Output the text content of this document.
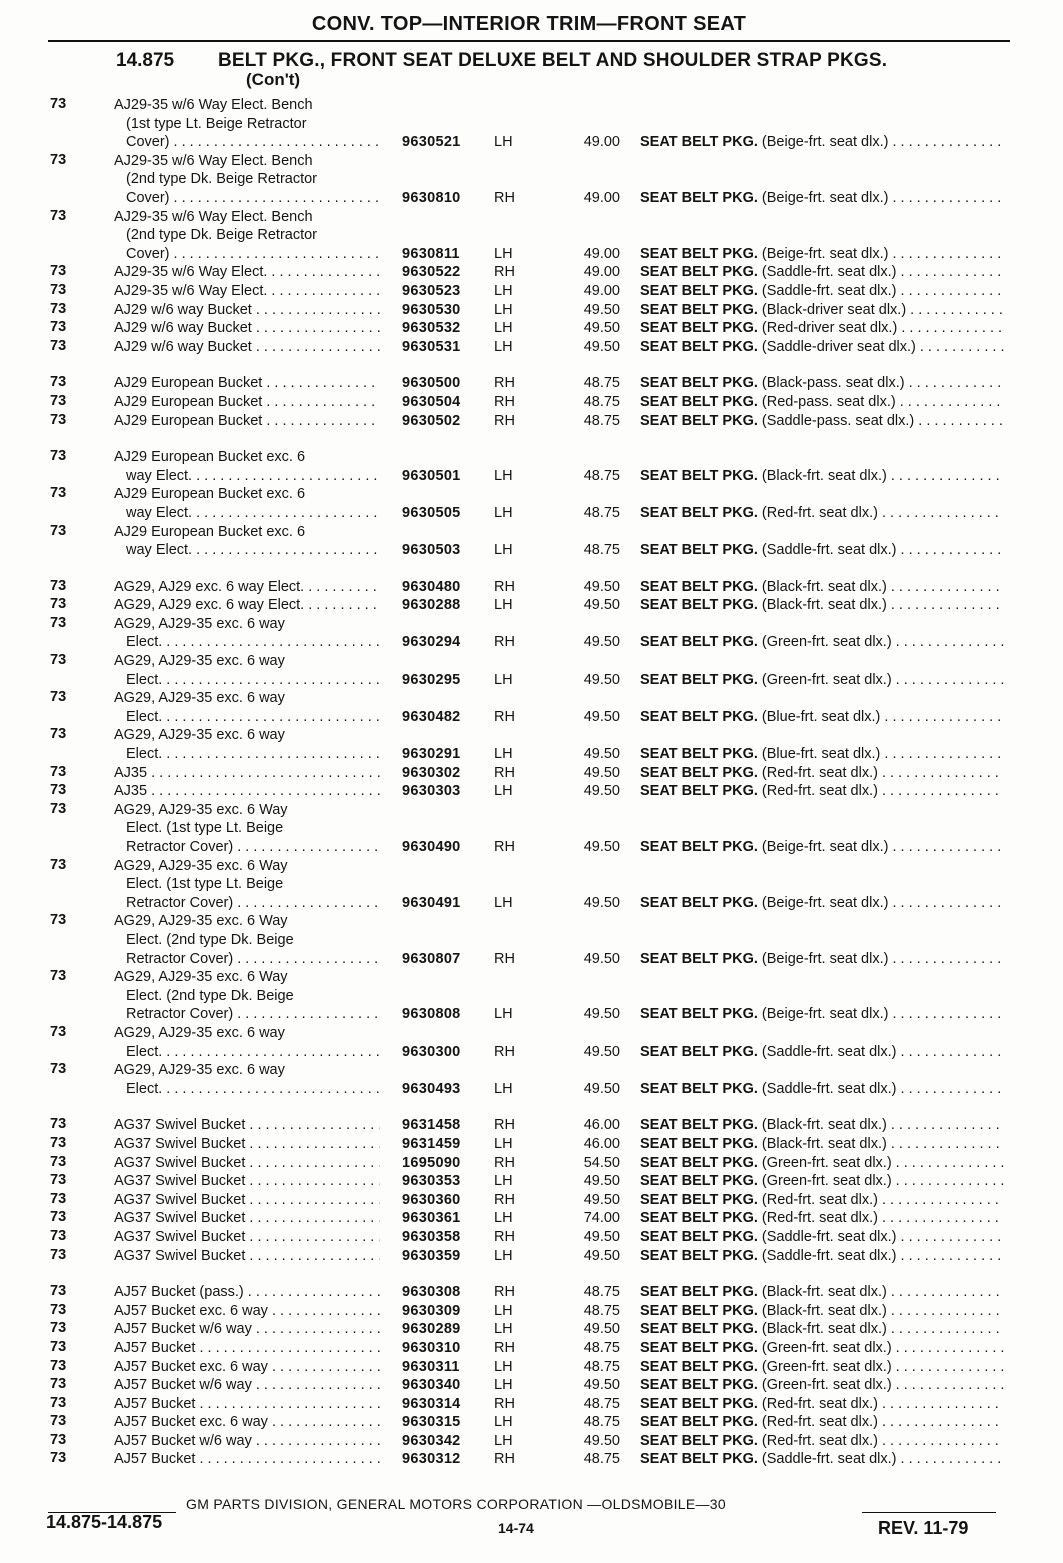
CONV. TOP—INTERIOR TRIM—FRONT SEAT
14.875 BELT PKG., FRONT SEAT DELUXE BELT AND SHOULDER STRAP PKGS.
(Con't)
73	AJ29-35 w/6 Way Elect. Bench
(1st type Lt. Beige Retractor
Cover) . . .	9630521 LH	49.00 SEAT BELT PKG. (Beige-frt. seat dlx.) . . .
73	AJ29-35 w/6 Way Elect. Bench
(2nd type Dk. Beige Retractor
Cover) . . .	9630810 RH	49.00 SEAT BELT PKG. (Beige-frt. seat dlx.) . . .
73	AJ29-35 w/6 Way Elect. Bench
(2nd type Dk. Beige Retractor
Cover) . . .	9630811 LH	49.00 SEAT BELT PKG. (Beige-frt. seat dlx.) . . .
73	AJ29-35 w/6 Way Elect. . . .	9630522 RH	49.00 SEAT BELT PKG. (Saddle-frt. seat dlx.) . . .
73	AJ29-35 w/6 Way Elect. . . .	9630523 LH	49.00 SEAT BELT PKG. (Saddle-frt. seat dlx.) . . .
73	AJ29 w/6 way Bucket . . .	9630530 LH	49.50 SEAT BELT PKG. (Black-driver seat dlx.) . . .
73	AJ29 w/6 way Bucket . . .	9630532 LH	49.50 SEAT BELT PKG. (Red-driver seat dlx.) . . .
73	AJ29 w/6 way Bucket . . .	9630531 LH	49.50 SEAT BELT PKG. (Saddle-driver seat dlx.) . . .
73	AJ29 European Bucket . . .	9630500 RH	48.75 SEAT BELT PKG. (Black-pass. seat dlx.) . . .
73	AJ29 European Bucket . . .	9630504 RH	48.75 SEAT BELT PKG. (Red-pass. seat dlx.) . . .
73	AJ29 European Bucket . . .	9630502 RH	48.75 SEAT BELT PKG. (Saddle-pass. seat dlx.) . . .
73	AJ29 European Bucket exc. 6
way Elect. . . .	9630501 LH	48.75 SEAT BELT PKG. (Black-frt. seat dlx.) . . .
73	AJ29 European Bucket exc. 6
way Elect. . . .	9630505 LH	48.75 SEAT BELT PKG. (Red-frt. seat dlx.) . . .
73	AJ29 European Bucket exc. 6
way Elect. . . .	9630503 LH	48.75 SEAT BELT PKG. (Saddle-frt. seat dlx.) . . .
73	AG29, AJ29 exc. 6 way Elect. . . .	9630480 RH	49.50 SEAT BELT PKG. (Black-frt. seat dlx.) . . .
73	AG29, AJ29 exc. 6 way Elect. . . .	9630288 LH	49.50 SEAT BELT PKG. (Black-frt. seat dlx.) . . .
73	AG29, AJ29-35 exc. 6 way
Elect. . . .	9630294 RH	49.50 SEAT BELT PKG. (Green-frt. seat dlx.) . . .
73	AG29, AJ29-35 exc. 6 way
Elect. . . .	9630295 LH	49.50 SEAT BELT PKG. (Green-frt. seat dlx.) . . .
73	AG29, AJ29-35 exc. 6 way
Elect. . . .	9630482 RH	49.50 SEAT BELT PKG. (Blue-frt. seat dlx.) . . .
73	AG29, AJ29-35 exc. 6 way
Elect. . . .	9630291 LH	49.50 SEAT BELT PKG. (Blue-frt. seat dlx.) . . .
73	AJ35 . . .	9630302 RH	49.50 SEAT BELT PKG. (Red-frt. seat dlx.) . . .
73	AJ35 . . .	9630303 LH	49.50 SEAT BELT PKG. (Red-frt. seat dlx.) . . .
73	AG29, AJ29-35 exc. 6 Way
Elect. (1st type Lt. Beige
Retractor Cover) . . .	9630490 RH	49.50 SEAT BELT PKG. (Beige-frt. seat dlx.) . . .
73	AG29, AJ29-35 exc. 6 Way
Elect. (1st type Lt. Beige
Retractor Cover) . . .	9630491 LH	49.50 SEAT BELT PKG. (Beige-frt. seat dlx.) . . .
73	AG29, AJ29-35 exc. 6 Way
Elect. (2nd type Dk. Beige
Retractor Cover) . . .	9630807 RH	49.50 SEAT BELT PKG. (Beige-frt. seat dlx.) . . .
73	AG29, AJ29-35 exc. 6 Way
Elect. (2nd type Dk. Beige
Retractor Cover) . . .	9630808 LH	49.50 SEAT BELT PKG. (Beige-frt. seat dlx.) . . .
73	AG29, AJ29-35 exc. 6 way
Elect. . . .	9630300 RH	49.50 SEAT BELT PKG. (Saddle-frt. seat dlx.) . . .
73	AG29, AJ29-35 exc. 6 way
Elect. . . .	9630493 LH	49.50 SEAT BELT PKG. (Saddle-frt. seat dlx.) . . .
73	AG37 Swivel Bucket . . .	9631458 RH	46.00 SEAT BELT PKG. (Black-frt. seat dlx.) . . .
73	AG37 Swivel Bucket . . .	9631459 LH	46.00 SEAT BELT PKG. (Black-frt. seat dlx.) . . .
73	AG37 Swivel Bucket . . .	1695090 RH	54.50 SEAT BELT PKG. (Green-frt. seat dlx.) . . .
73	AG37 Swivel Bucket . . .	9630353 LH	49.50 SEAT BELT PKG. (Green-frt. seat dlx.) . . .
73	AG37 Swivel Bucket . . .	9630360 RH	49.50 SEAT BELT PKG. (Red-frt. seat dlx.) . . .
73	AG37 Swivel Bucket . . .	9630361 LH	74.00 SEAT BELT PKG. (Red-frt. seat dlx.) . . .
73	AG37 Swivel Bucket . . .	9630358 RH	49.50 SEAT BELT PKG. (Saddle-frt. seat dlx.) . . .
73	AG37 Swivel Bucket . . .	9630359 LH	49.50 SEAT BELT PKG. (Saddle-frt. seat dlx.) . . .
73	AJ57 Bucket (pass.) . . .	9630308 RH	48.75 SEAT BELT PKG. (Black-frt. seat dlx.) . . .
73	AJ57 Bucket exc. 6 way . . .	9630309 LH	48.75 SEAT BELT PKG. (Black-frt. seat dlx.) . . .
73	AJ57 Bucket w/6 way . . .	9630289 LH	49.50 SEAT BELT PKG. (Black-frt. seat dlx.) . . .
73	AJ57 Bucket . . .	9630310 RH	48.75 SEAT BELT PKG. (Green-frt. seat dlx.) . . .
73	AJ57 Bucket exc. 6 way . . .	9630311 LH	48.75 SEAT BELT PKG. (Green-frt. seat dlx.) . . .
73	AJ57 Bucket w/6 way . . .	9630340 LH	49.50 SEAT BELT PKG. (Green-frt. seat dlx.) . . .
73	AJ57 Bucket . . .	9630314 RH	48.75 SEAT BELT PKG. (Red-frt. seat dlx.) . . .
73	AJ57 Bucket exc. 6 way . . .	9630315 LH	48.75 SEAT BELT PKG. (Red-frt. seat dlx.) . . .
73	AJ57 Bucket w/6 way . . .	9630342 LH	49.50 SEAT BELT PKG. (Red-frt. seat dlx.) . . .
73	AJ57 Bucket . . .	9630312 RH	48.75 SEAT BELT PKG. (Saddle-frt. seat dlx.) . . .
GM PARTS DIVISION, GENERAL MOTORS CORPORATION —OLDSMOBILE—30
14.875-14.875	14-74	REV. 11-79
